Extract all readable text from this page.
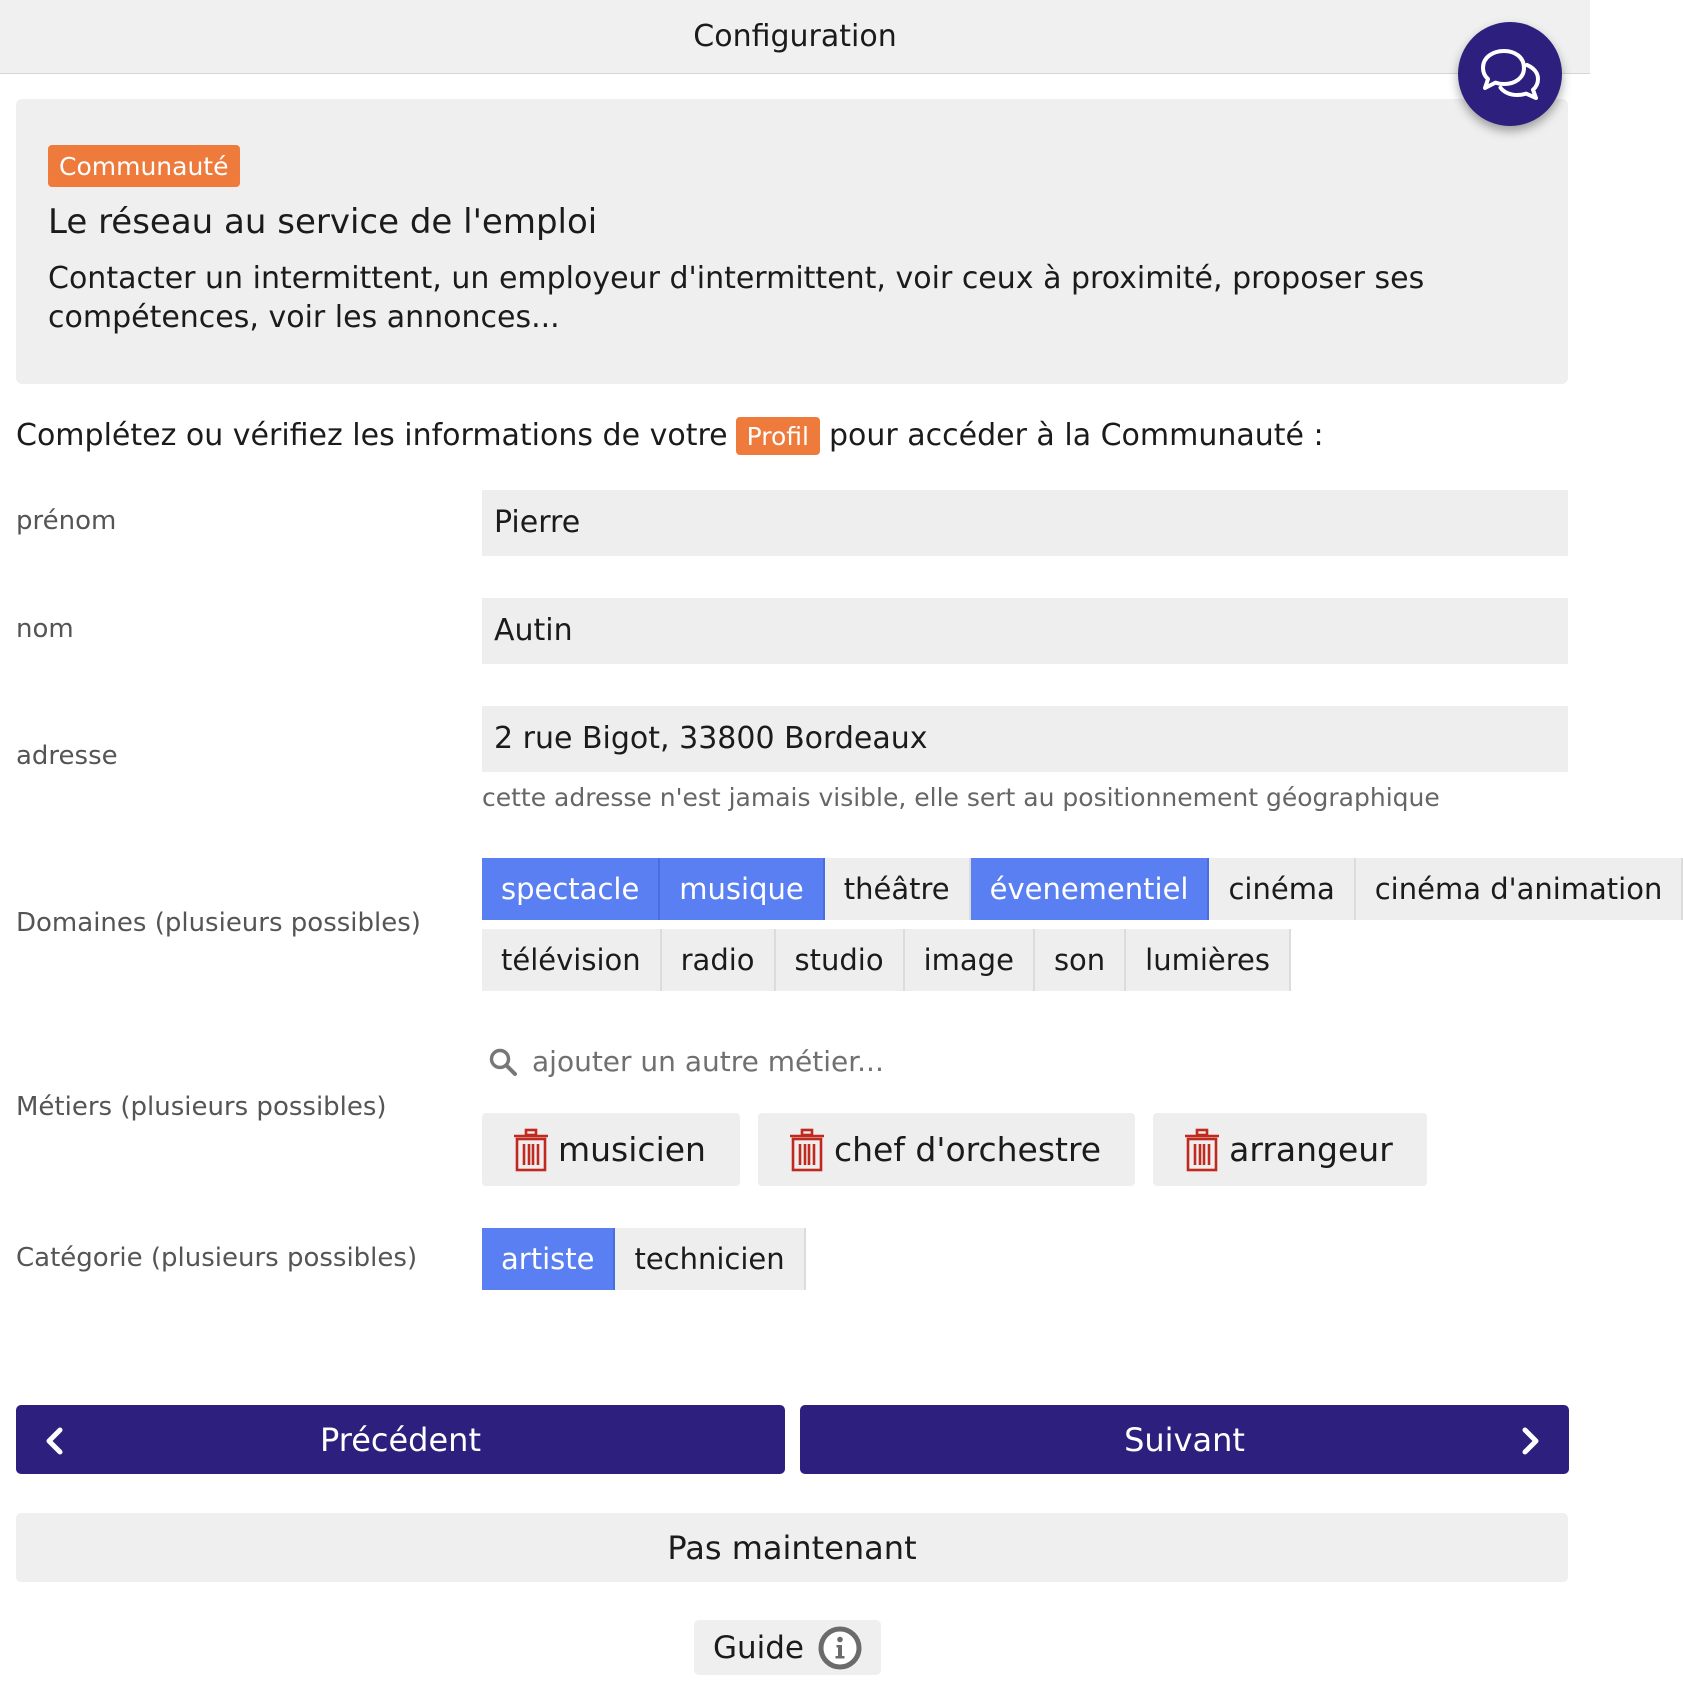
Configuration
Communauté
Le réseau au service de l'emploi
Contacter un intermittent, un employeur d'intermittent, voir ceux à proximité, proposer ses compétences, voir les annonces...
Complétez ou vérifiez les informations de votre Profil pour accéder à la Communauté :
prénom	Pierre
nom	Autin
adresse	2 rue Bigot, 33800 Bordeaux
cette adresse n'est jamais visible, elle sert au positionnement géographique
Domaines (plusieurs possibles)
spectacle	musique	théâtre	évenementiel	cinéma	cinéma d'animation
télévision	radio	studio	image	son	lumières
Métiers (plusieurs possibles)
ajouter un autre métier...
musicien	chef d'orchestre	arrangeur
Catégorie (plusieurs possibles)	artiste	technicien
Précédent	Suivant
Pas maintenant
Guide
